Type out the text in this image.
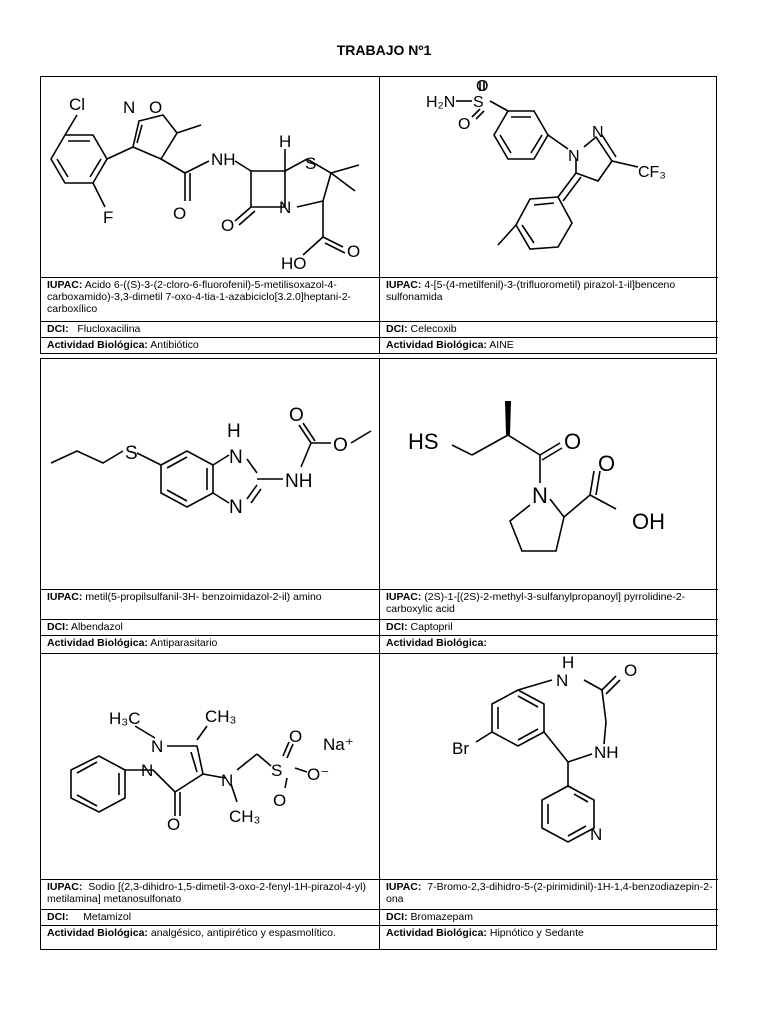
TRABAJO Nº1
Cl N O
F	O
NH
H
S
O
N
HO
O
IUPAC: Acido 6-((S)-3-(2-cloro-6-fluorofenil)-5-metilisoxazol-4-carboxamido)-3,3-dimetil 7-oxo-4-tia-1-azabiciclo[3.2.0]heptani-2- carboxílico
DCI: Flucloxacilina
Actividad Biológica: Antibiótico
H₂N S
O
O
N
N
CF₃
IUPAC: 4-[5-(4-metilfenil)-3-(trifluorometil) pirazol-1-il]benceno sulfonamida
DCI: Celecoxib
Actividad Biológica: AINE
S
H
N
N
O
O
NH
IUPAC: metil(5-propilsulfanil-3H- benzoimidazol-2-il) amino
DCI: Albendazol
Actividad Biológica: Antiparasitario
H₃C	CH₃
N
N
O
N
CH₃
S
O
O
O⁻
Na⁺
IUPAC: Sodio [(2,3-dihidro-1,5-dimetil-3-oxo-2-fenyl-1H-pirazol-4-yl) metilamina] metanosulfonato
DCI: Metamizol
Actividad Biológica: analgésico, antipirético y espasmolítico.
HS	O
N
O
OH
IUPAC: (2S)-1-[(2S)-2-methyl-3-sulfanylpropanoyl] pyrrolidine-2-carboxylic acid
DCI: Captopril
Actividad Biológica:
H
N
O
NH
Br
N
IUPAC: 7-Bromo-2,3-dihidro-5-(2-pirimidinil)-1H-1,4-benzodiazepin-2-ona
DCI: Bromazepam
Actividad Biológica: Hipnótico y Sedante
